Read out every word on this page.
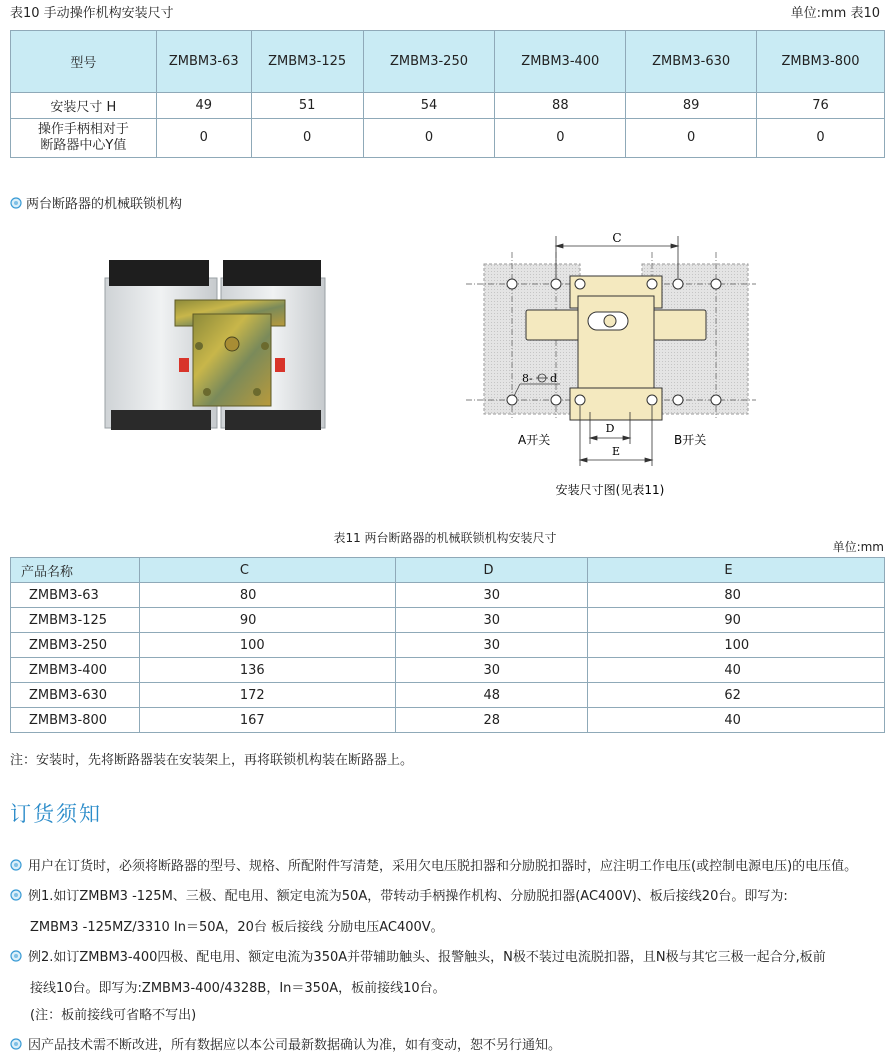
表10 手动操作机构安装尺寸	单位:mm 表10
型号	ZMBM3-63	ZMBM3-125	ZMBM3-250	ZMBM3-400	ZMBM3-630	ZMBM3-800
安装尺寸 H	49	51	54	88	89	76

操作手柄相对于
断路器中心Y值	0	0	0	0	0	0
两台断路器的机械联锁机构
C
8- d
D
E
A开关	B开关
安装尺寸图(见表11)
表11 两台断路器的机械联锁机构安装尺寸
单位:mm
产品名称	C	D	E
ZMBM3-63	80	30	80
ZMBM3-125	90	30	90
ZMBM3-250	100	30	100
ZMBM3-400	136	30	40
ZMBM3-630	172	48	62
ZMBM3-800	167	28	40
注：安装时，先将断路器装在安装架上，再将联锁机构装在断路器上。
订货须知
用户在订货时，必须将断路器的型号、规格、所配附件写清楚，采用欠电压脱扣器和分励脱扣器时，应注明工作电压(或控制电源电压)的电压值。
例1.如订ZMBM3 -125M、三极、配电用、额定电流为50A，带转动手柄操作机构、分励脱扣器(AC400V)、板后接线20台。即写为:
ZMBM3 -125MZ/3310 In＝50A，20台 板后接线 分励电压AC400V。
例2.如订ZMBM3-400四极、配电用、额定电流为350A并带辅助触头、报警触头，N极不装过电流脱扣器，且N极与其它三极一起合分,板前
接线10台。即写为:ZMBM3-400/4328B，In＝350A，板前接线10台。
(注：板前接线可省略不写出)
因产品技术需不断改进，所有数据应以本公司最新数据确认为准，如有变动，恕不另行通知。
